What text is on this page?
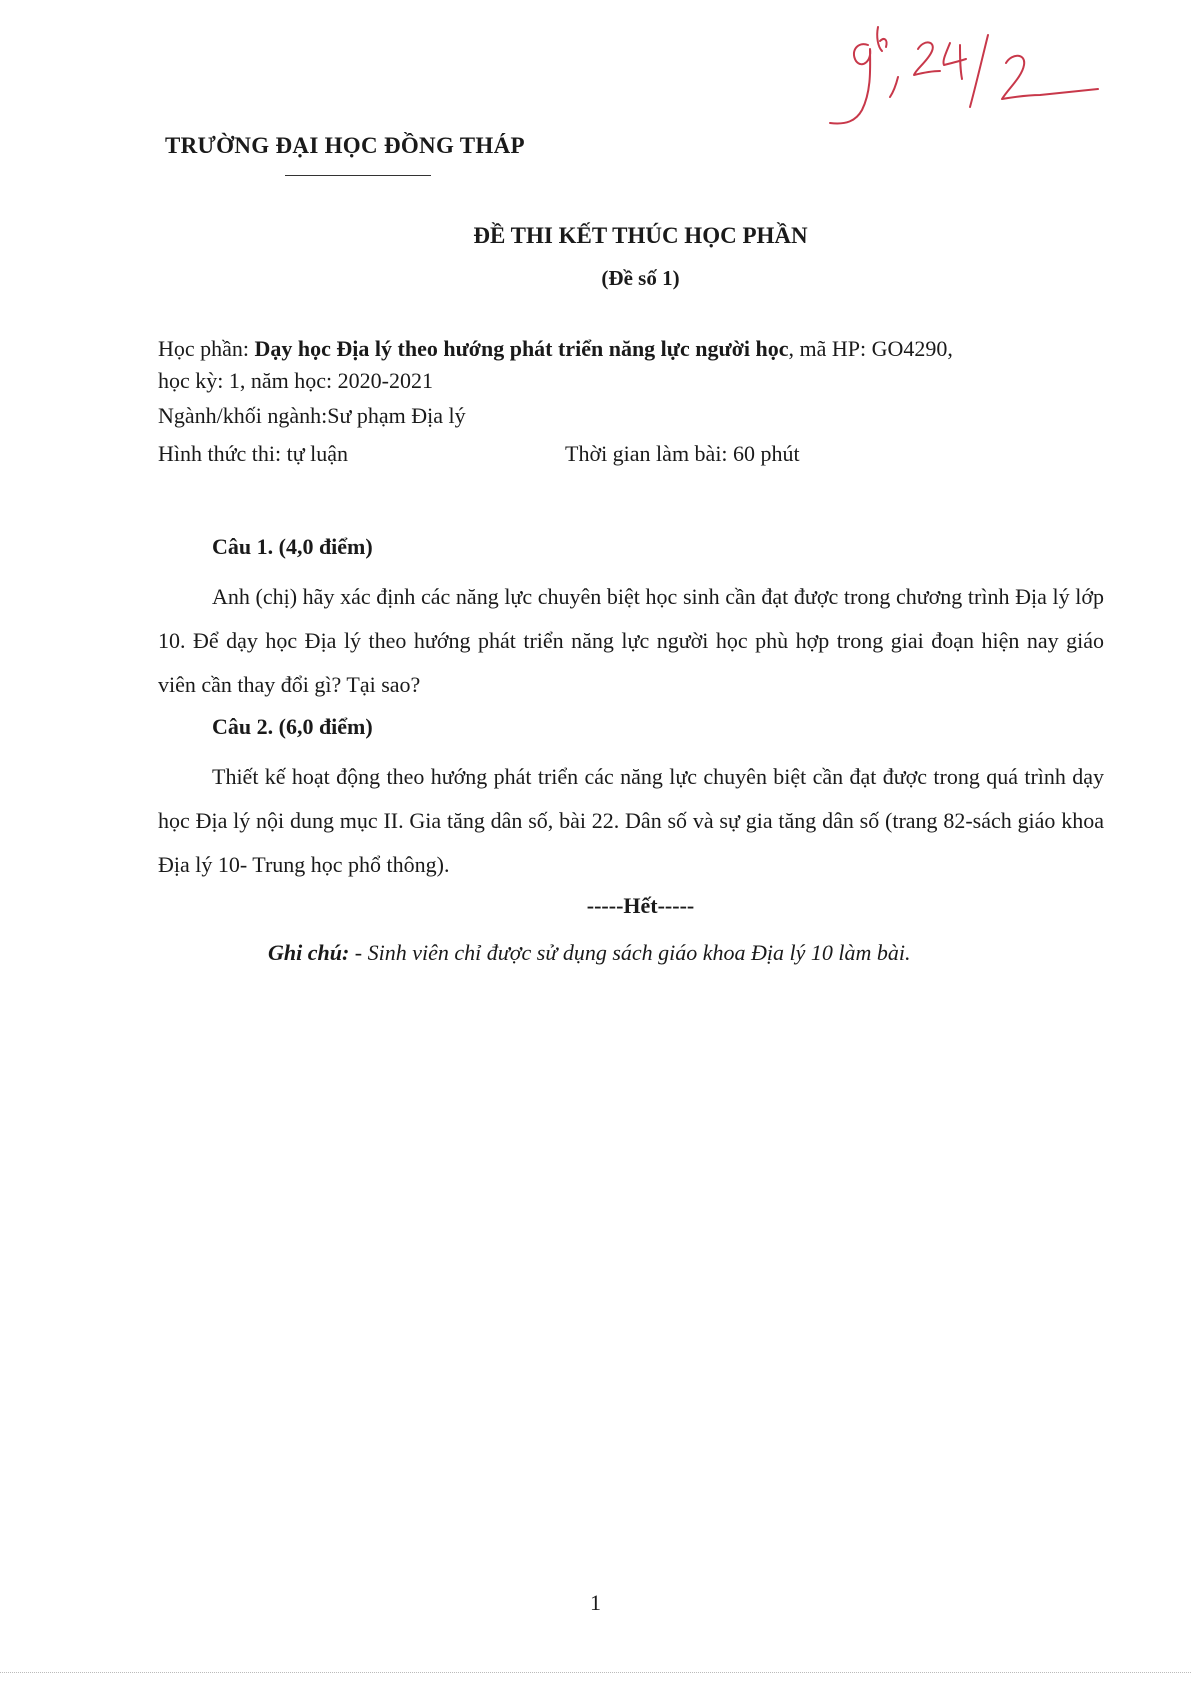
TRƯỜNG ĐẠI HỌC ĐỒNG THÁP
ĐỀ THI KẾT THÚC HỌC PHẦN
(Đề số 1)
Học phần: Dạy học Địa lý theo hướng phát triển năng lực người học, mã HP: GO4290,
học kỳ: 1, năm học: 2020-2021
Ngành/khối ngành:Sư phạm Địa lý
Hình thức thi: tự luận	Thời gian làm bài: 60 phút
Câu 1. (4,0 điểm)
Anh (chị) hãy xác định các năng lực chuyên biệt học sinh cần đạt được trong chương trình Địa lý lớp 10. Để dạy học Địa lý theo hướng phát triển năng lực người học phù hợp trong giai đoạn hiện nay giáo viên cần thay đổi gì? Tại sao?
Câu 2. (6,0 điểm)
Thiết kế hoạt động theo hướng phát triển các năng lực chuyên biệt cần đạt được trong quá trình dạy học Địa lý nội dung mục II. Gia tăng dân số, bài 22. Dân số và sự gia tăng dân số (trang 82-sách giáo khoa Địa lý 10- Trung học phổ thông).
-----Hết-----
Ghi chú: - Sinh viên chỉ được sử dụng sách giáo khoa Địa lý 10 làm bài.
1
